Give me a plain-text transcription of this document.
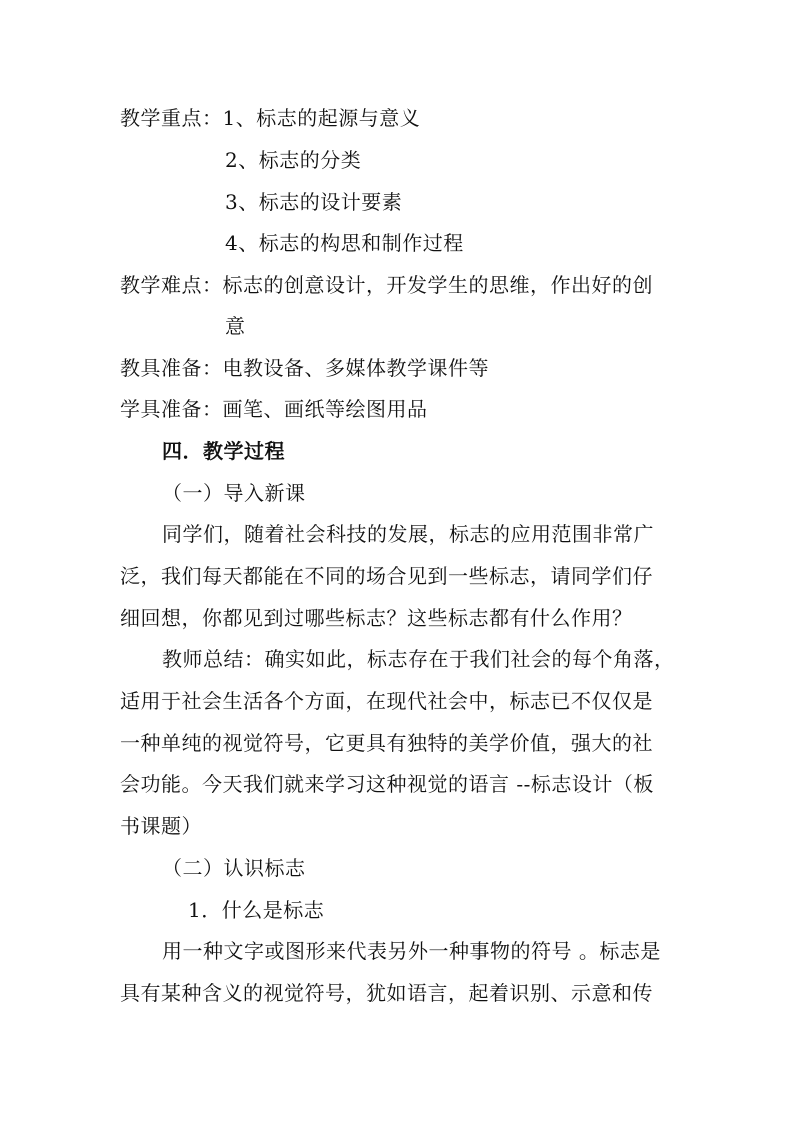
教学重点：1、标志的起源与意义
2、标志的分类
3、标志的设计要素
4、标志的构思和制作过程
教学难点：标志的创意设计，开发学生的思维，作出好的创
意
教具准备：电教设备、多媒体教学课件等
学具准备：画笔、画纸等绘图用品
四．教学过程
（一）导入新课
同学们，随着社会科技的发展，标志的应用范围非常广
泛，我们每天都能在不同的场合见到一些标志，请同学们仔
细回想，你都见到过哪些标志？这些标志都有什么作用？
教师总结：确实如此，标志存在于我们社会的每个角落，
适用于社会生活各个方面，在现代社会中，标志已不仅仅是
一种单纯的视觉符号，它更具有独特的美学价值，强大的社
会功能。今天我们就来学习这种视觉的语言 --标志设计（板
书课题）
（二）认识标志
1．什么是标志
用一种文字或图形来代表另外一种事物的符号 。标志是
具有某种含义的视觉符号，犹如语言，起着识别、示意和传
